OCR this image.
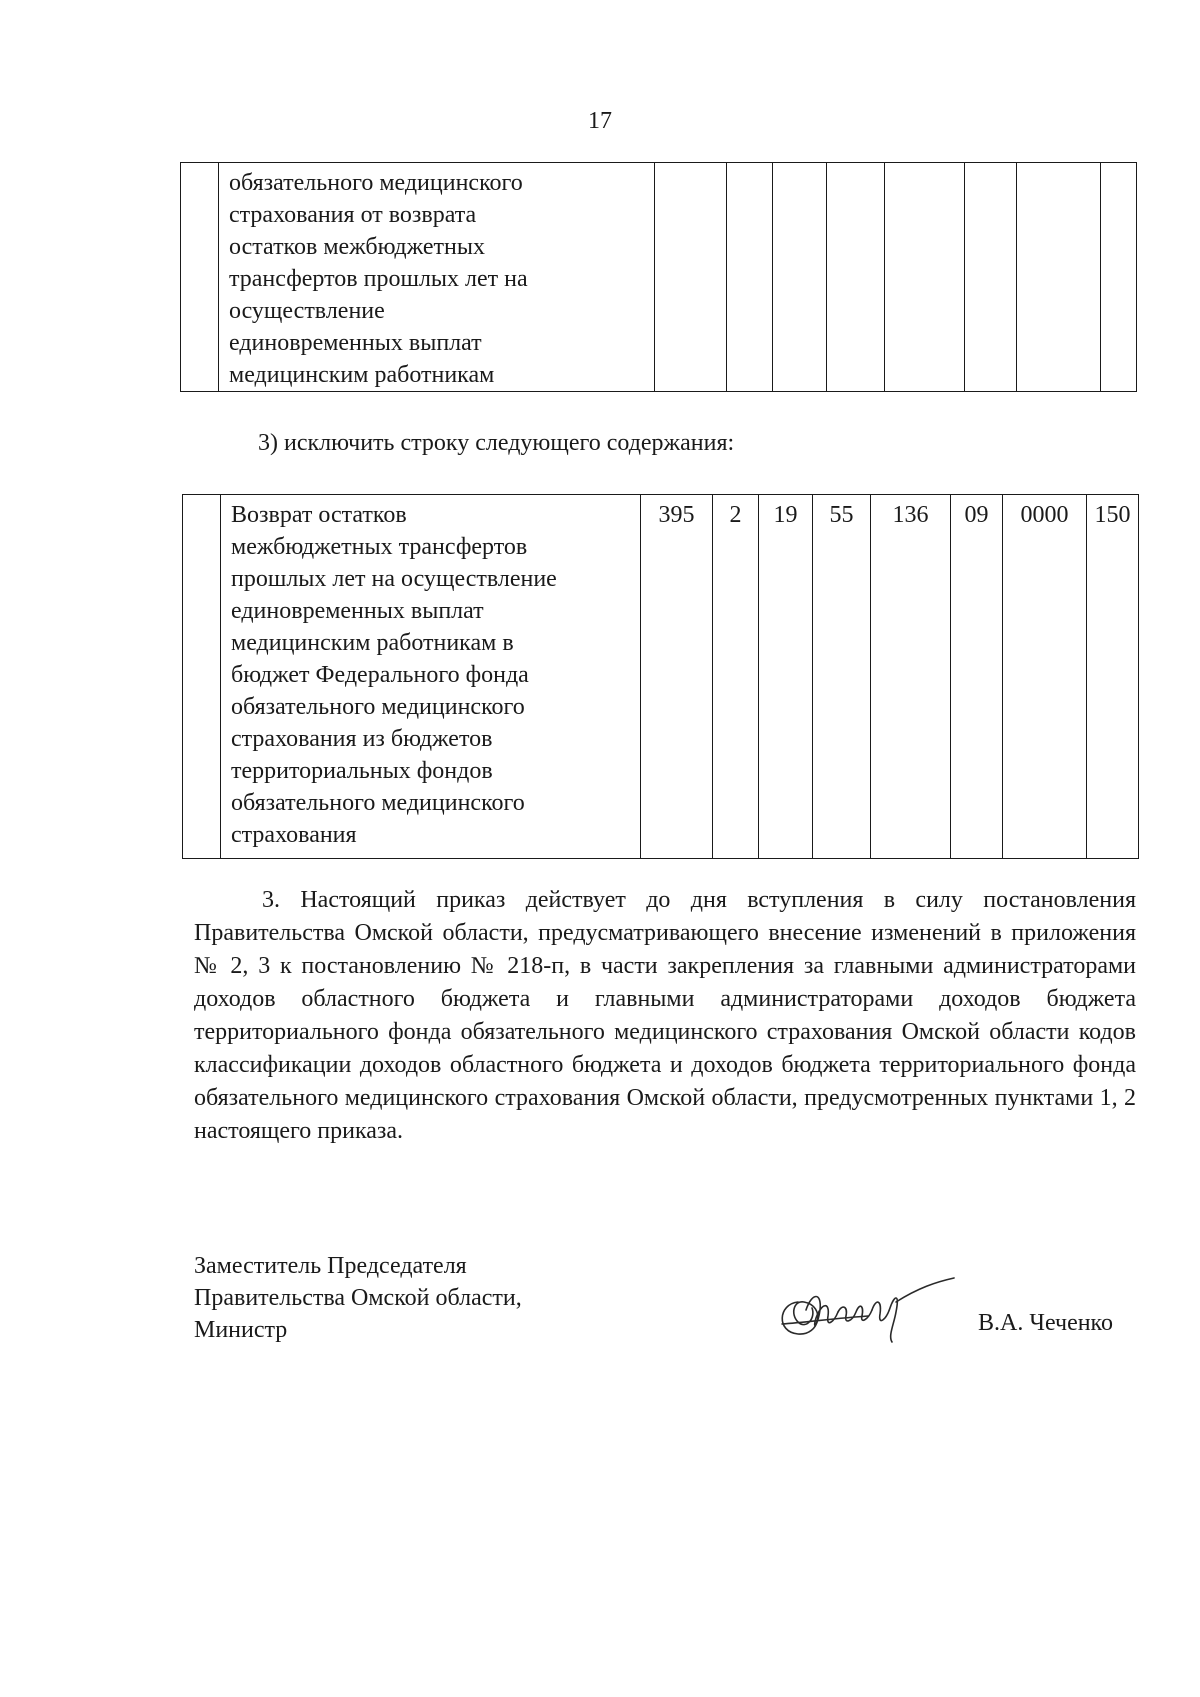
17

обязательного медицинского
страхования от возврата
остатков межбюджетных
трансфертов прошлых лет на
осуществление
единовременных выплат
медицинским работникам

3) исключить строку следующего содержания:

Возврат остатков
межбюджетных трансфертов
прошлых лет на осуществление
единовременных выплат
медицинским работникам в
бюджет Федерального фонда
обязательного медицинского
страхования из бюджетов
территориальных фондов
обязательного медицинского
страхования
	395	2	19	55	136	09	0000	150
3. Настоящий приказ действует до дня вступления в силу постановления Правительства Омской области, предусматривающего внесение изменений в приложения № 2, 3 к постановлению № 218-п, в части закрепления за главными администраторами доходов областного бюджета и главными администраторами доходов бюджета территориального фонда обязательного медицинского страхования Омской области кодов классификации доходов областного бюджета и доходов бюджета территориального фонда обязательного медицинского страхования Омской области, предусмотренных пунктами 1, 2 настоящего приказа.
Заместитель Председателя
Правительства Омской области,
Министр	В.А. Чеченко
